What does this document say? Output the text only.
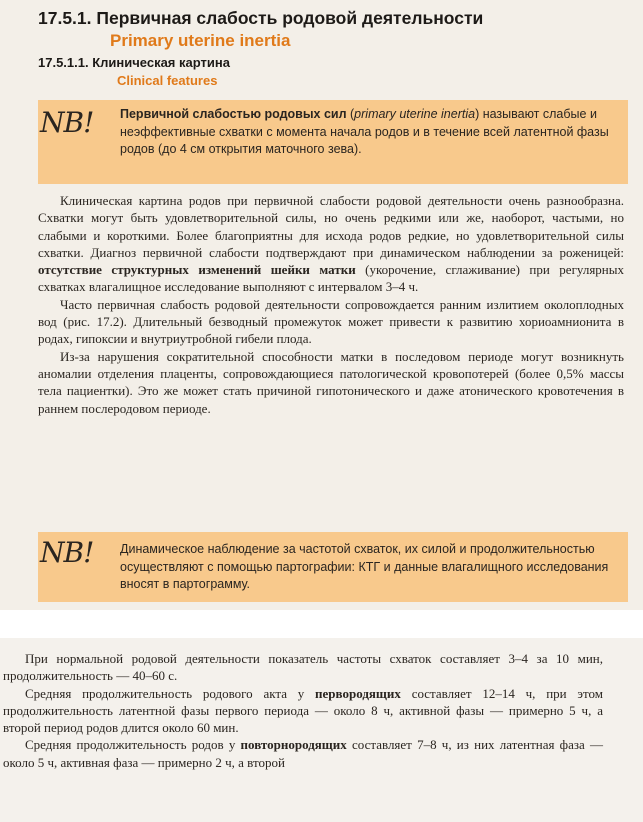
17.5.1. Первичная слабость родовой деятельности
Primary uterine inertia
17.5.1.1. Клиническая картина
Clinical features
NB! Первичной слабостью родовых сил (primary uterine inertia) называют слабые и неэффективные схватки с момента начала родов и в течение всей латентной фазы родов (до 4 см открытия маточного зева).

Клиническая картина родов при первичной слабости родовой деятельности очень разнообразна. Схватки могут быть удовлетворительной силы, но очень редкими или же, наоборот, частыми, но слабыми и короткими. Более благоприятны для исхода родов редкие, но удовлетворительной силы схватки. Диагноз первичной слабости подтверждают при динамическом наблюдении за роженицей: отсутствие структурных изменений шейки матки (укорочение, сглаживание) при регулярных схватках влагалищное исследование выполняют с интервалом 3–4 ч.

Часто первичная слабость родовой деятельности сопровождается ранним излитием околоплодных вод (рис. 17.2). Длительный безводный промежуток может привести к развитию хориоамнионита в родах, гипоксии и внутриутробной гибели плода.

Из-за нарушения сократительной способности матки в последовом периоде могут возникнуть аномалии отделения плаценты, сопровождающиеся патологической кровопотерей (более 0,5% массы тела пациентки). Это же может стать причиной гипотонического и даже атонического кровотечения в раннем послеродовом периоде.

NB! Динамическое наблюдение за частотой схваток, их силой и продолжительностью осуществляют с помощью партографии: КТГ и данные влагалищного исследования вносят в партограмму.

При нормальной родовой деятельности показатель частоты схваток составляет 3–4 за 10 мин, продолжительность — 40–60 с.

Средняя продолжительность родового акта у первородящих составляет 12–14 ч, при этом продолжительность латентной фазы первого периода — около 8 ч, активной фазы — примерно 5 ч, а второй период родов длится около 60 мин.

Средняя продолжительность родов у повторнородящих составляет 7–8 ч, из них латентная фаза — около 5 ч, активная фаза — примерно 2 ч, а второй
